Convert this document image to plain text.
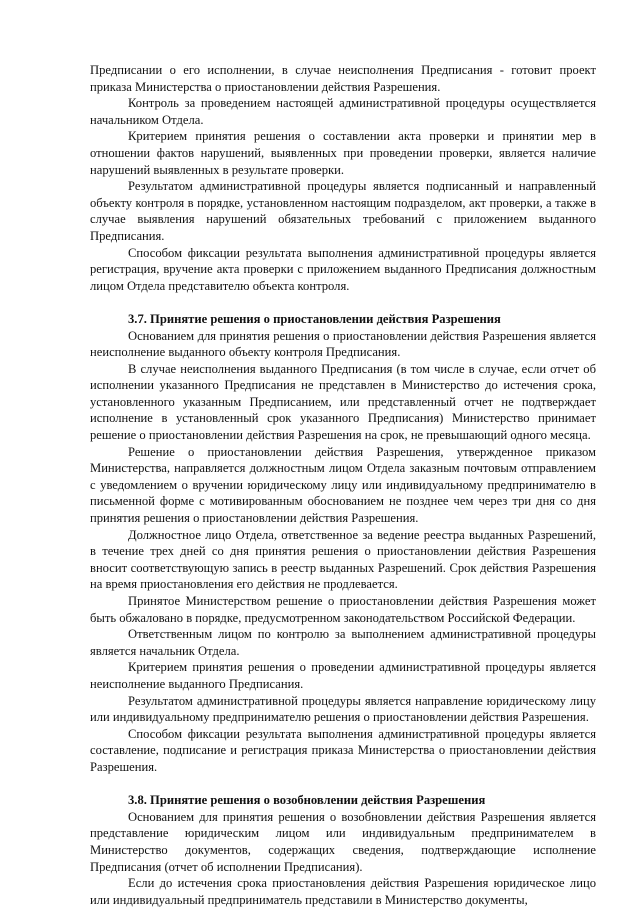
Предписании о его исполнении, в случае неисполнения Предписания - готовит проект приказа Министерства о приостановлении действия Разрешения.

Контроль за проведением настоящей административной процедуры осуществляется начальником Отдела.

Критерием принятия решения о составлении акта проверки и принятии мер в отношении фактов нарушений, выявленных при проведении проверки, является наличие нарушений выявленных в результате проверки.

Результатом административной процедуры является подписанный и направленный объекту контроля в порядке, установленном настоящим подразделом, акт проверки, а также в случае выявления нарушений обязательных требований с приложением выданного Предписания.

Способом фиксации результата выполнения административной процедуры является регистрация, вручение акта проверки с приложением выданного Предписания должностным лицом Отдела представителю объекта контроля.

3.7. Принятие решения о приостановлении действия Разрешения

Основанием для принятия решения о приостановлении действия Разрешения является неисполнение выданного объекту контроля Предписания.

В случае неисполнения выданного Предписания (в том числе в случае, если отчет об исполнении указанного Предписания не представлен в Министерство до истечения срока, установленного указанным Предписанием, или представленный отчет не подтверждает исполнение в установленный срок указанного Предписания) Министерство принимает решение о приостановлении действия Разрешения на срок, не превышающий одного месяца.

Решение о приостановлении действия Разрешения, утвержденное приказом Министерства, направляется должностным лицом Отдела заказным почтовым отправлением с уведомлением о вручении юридическому лицу или индивидуальному предпринимателю в письменной форме с мотивированным обоснованием не позднее чем через три дня со дня принятия решения о приостановлении действия Разрешения.

Должностное лицо Отдела, ответственное за ведение реестра выданных Разрешений, в течение трех дней со дня принятия решения о приостановлении действия Разрешения вносит соответствующую запись в реестр выданных Разрешений. Срок действия Разрешения на время приостановления его действия не продлевается.

Принятое Министерством решение о приостановлении действия Разрешения может быть обжаловано в порядке, предусмотренном законодательством Российской Федерации.

Ответственным лицом по контролю за выполнением административной процедуры является начальник Отдела.

Критерием принятия решения о проведении административной процедуры является неисполнение выданного Предписания.

Результатом административной процедуры является направление юридическому лицу или индивидуальному предпринимателю решения о приостановлении действия Разрешения.

Способом фиксации результата выполнения административной процедуры является составление, подписание и регистрация приказа Министерства о приостановлении действия Разрешения.

3.8. Принятие решения о возобновлении действия Разрешения

Основанием для принятия решения о возобновлении действия Разрешения является представление юридическим лицом или индивидуальным предпринимателем в Министерство документов, содержащих сведения, подтверждающие исполнение Предписания (отчет об исполнении Предписания).

Если до истечения срока приостановления действия Разрешения юридическое лицо или индивидуальный предприниматель представили в Министерство документы,
